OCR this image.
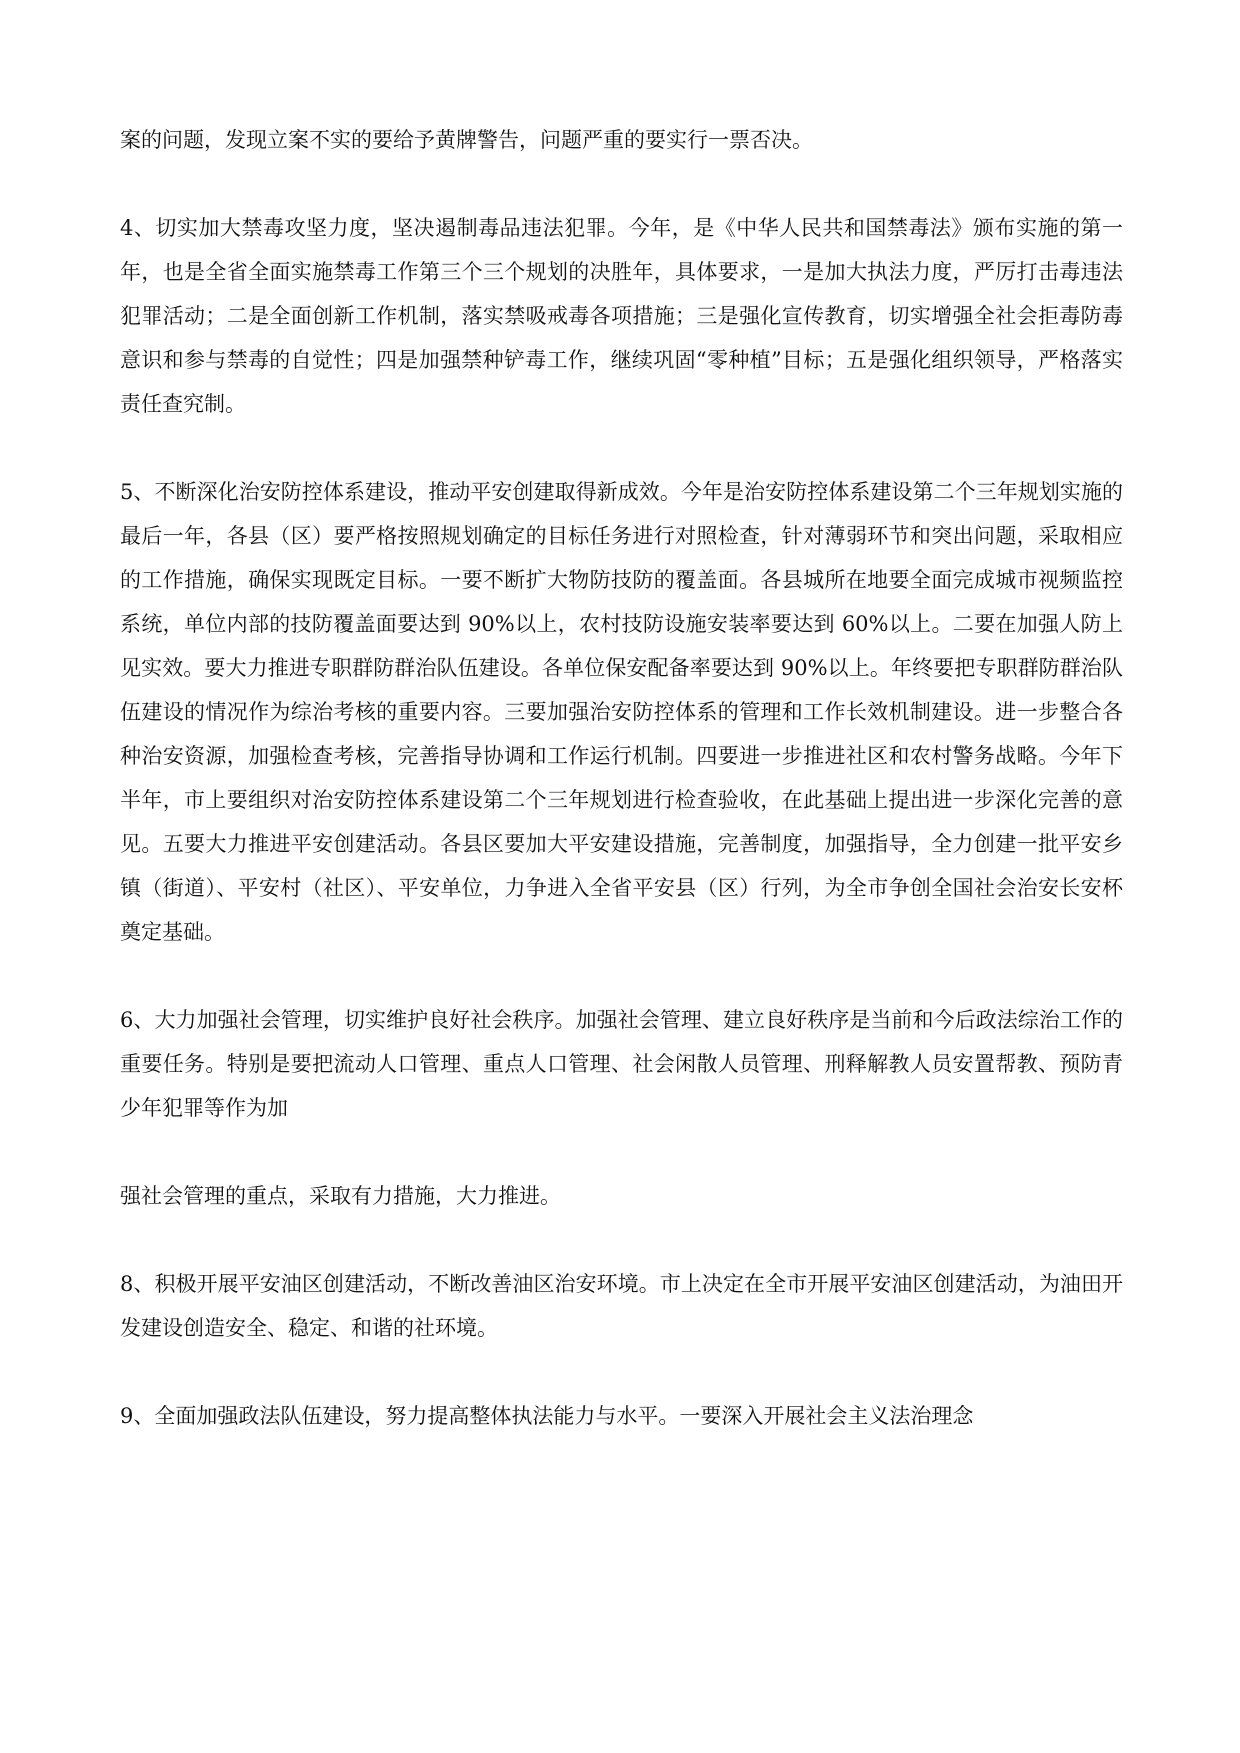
案的问题，发现立案不实的要给予黄牌警告，问题严重的要实行一票否决。

4、切实加大禁毒攻坚力度，坚决遏制毒品违法犯罪。今年，是《中华人民共和国禁毒法》颁布实施的第一年，也是全省全面实施禁毒工作第三个三个规划的决胜年，具体要求，一是加大执法力度，严厉打击毒违法犯罪活动；二是全面创新工作机制，落实禁吸戒毒各项措施；三是强化宣传教育，切实增强全社会拒毒防毒意识和参与禁毒的自觉性；四是加强禁种铲毒工作，继续巩固“零种植”目标；五是强化组织领导，严格落实责任查究制。

5、不断深化治安防控体系建设，推动平安创建取得新成效。今年是治安防控体系建设第二个三年规划实施的最后一年，各县（区）要严格按照规划确定的目标任务进行对照检查，针对薄弱环节和突出问题，采取相应的工作措施，确保实现既定目标。一要不断扩大物防技防的覆盖面。各县城所在地要全面完成城市视频监控系统，单位内部的技防覆盖面要达到 90%以上，农村技防设施安装率要达到 60%以上。二要在加强人防上见实效。要大力推进专职群防群治队伍建设。各单位保安配备率要达到 90%以上。年终要把专职群防群治队伍建设的情况作为综治考核的重要内容。三要加强治安防控体系的管理和工作长效机制建设。进一步整合各种治安资源，加强检查考核，完善指导协调和工作运行机制。四要进一步推进社区和农村警务战略。今年下半年，市上要组织对治安防控体系建设第二个三年规划进行检查验收，在此基础上提出进一步深化完善的意见。五要大力推进平安创建活动。各县区要加大平安建设措施，完善制度，加强指导，全力创建一批平安乡镇（街道）、平安村（社区）、平安单位，力争进入全省平安县（区）行列，为全市争创全国社会治安长安杯奠定基础。

6、大力加强社会管理，切实维护良好社会秩序。加强社会管理、建立良好秩序是当前和今后政法综治工作的重要任务。特别是要把流动人口管理、重点人口管理、社会闲散人员管理、刑释解教人员安置帮教、预防青少年犯罪等作为加

强社会管理的重点，采取有力措施，大力推进。

8、积极开展平安油区创建活动，不断改善油区治安环境。市上决定在全市开展平安油区创建活动，为油田开发建设创造安全、稳定、和谐的社环境。

9、全面加强政法队伍建设，努力提高整体执法能力与水平。一要深入开展社会主义法治理念
